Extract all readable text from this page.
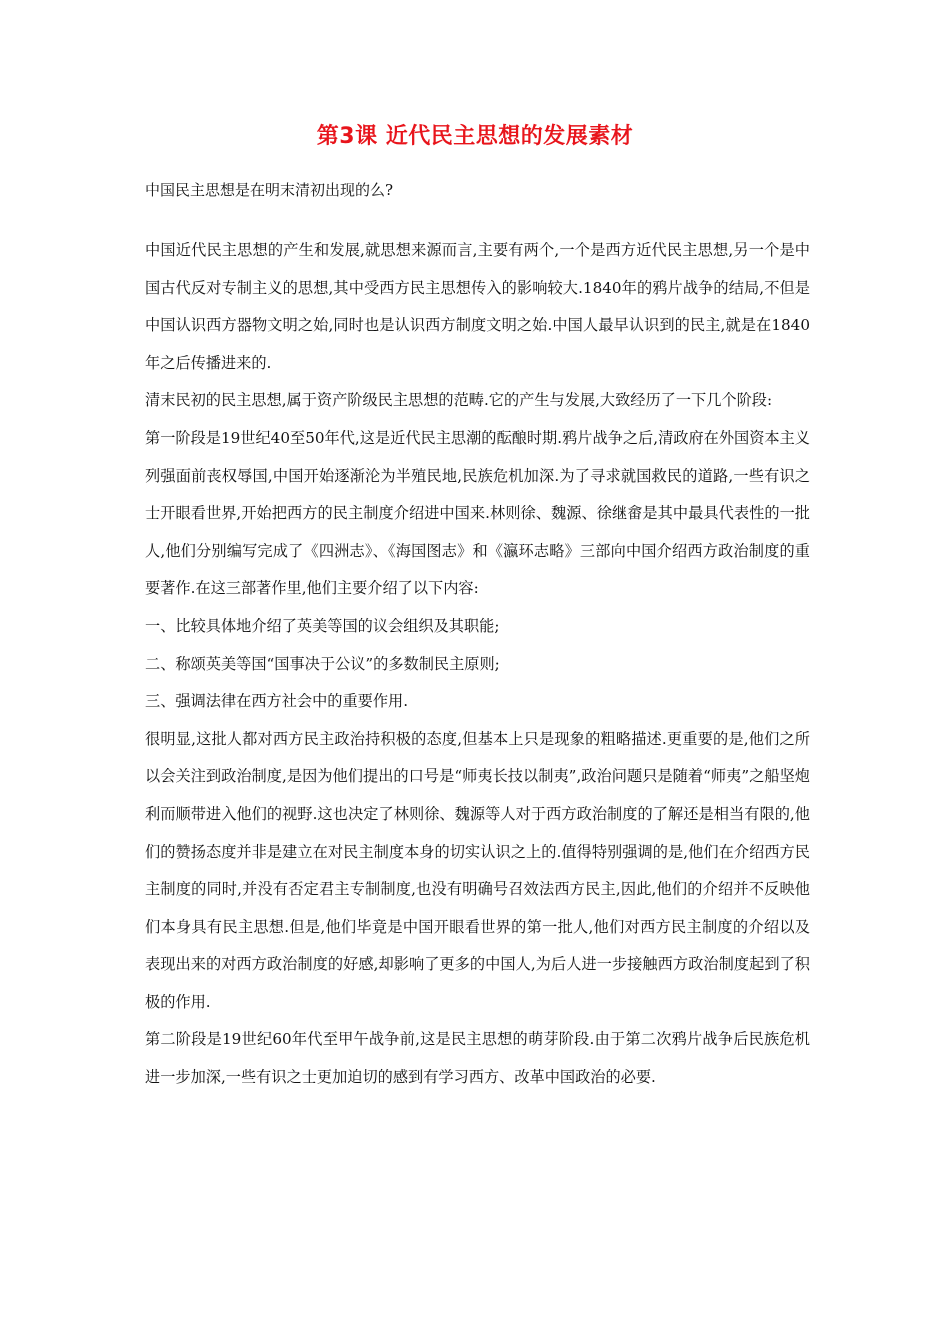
第3课 近代民主思想的发展素材

中国民主思想是在明末清初出现的么?

中国近代民主思想的产生和发展,就思想来源而言,主要有两个,一个是西方近代民主思想,另一个是中国古代反对专制主义的思想,其中受西方民主思想传入的影响较大.1840年的鸦片战争的结局,不但是中国认识西方器物文明之始,同时也是认识西方制度文明之始.中国人最早认识到的民主,就是在1840年之后传播进来的.

清末民初的民主思想,属于资产阶级民主思想的范畴.它的产生与发展,大致经历了一下几个阶段:

第一阶段是19世纪40至50年代,这是近代民主思潮的酝酿时期.鸦片战争之后,清政府在外国资本主义列强面前丧权辱国,中国开始逐渐沦为半殖民地,民族危机加深.为了寻求就国救民的道路,一些有识之士开眼看世界,开始把西方的民主制度介绍进中国来.林则徐、魏源、徐继畲是其中最具代表性的一批人,他们分别编写完成了《四洲志》、《海国图志》和《瀛环志略》三部向中国介绍西方政治制度的重要著作.在这三部著作里,他们主要介绍了以下内容:

一、比较具体地介绍了英美等国的议会组织及其职能;

二、称颂英美等国“国事决于公议”的多数制民主原则;

三、强调法律在西方社会中的重要作用.

很明显,这批人都对西方民主政治持积极的态度,但基本上只是现象的粗略描述.更重要的是,他们之所以会关注到政治制度,是因为他们提出的口号是“师夷长技以制夷”,政治问题只是随着“师夷”之船坚炮利而顺带进入他们的视野.这也决定了林则徐、魏源等人对于西方政治制度的了解还是相当有限的,他们的赞扬态度并非是建立在对民主制度本身的切实认识之上的.值得特别强调的是,他们在介绍西方民主制度的同时,并没有否定君主专制制度,也没有明确号召效法西方民主,因此,他们的介绍并不反映他们本身具有民主思想.但是,他们毕竟是中国开眼看世界的第一批人,他们对西方民主制度的介绍以及表现出来的对西方政治制度的好感,却影响了更多的中国人,为后人进一步接触西方政治制度起到了积极的作用.

第二阶段是19世纪60年代至甲午战争前,这是民主思想的萌芽阶段.由于第二次鸦片战争后民族危机进一步加深,一些有识之士更加迫切的感到有学习西方、改革中国政治的必要.
